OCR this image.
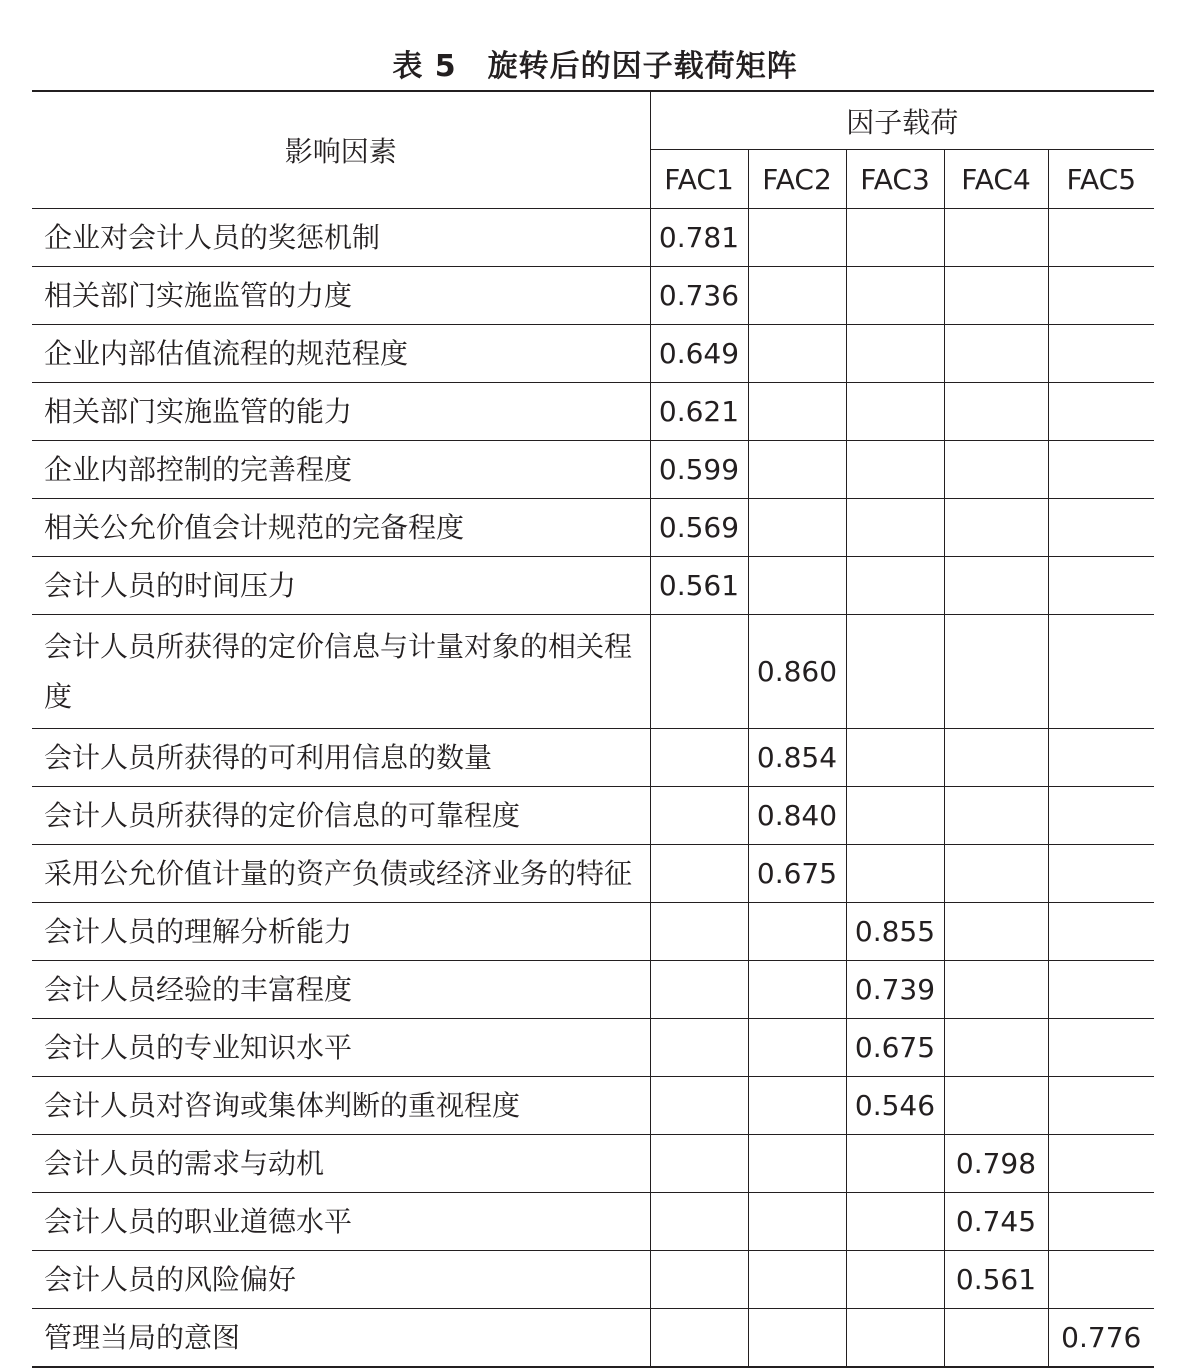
表 5　旋转后的因子载荷矩阵
影响因素	因子载荷				
	FAC1	FAC2	FAC3	FAC4	FAC5
企业对会计人员的奖惩机制	0.781				
相关部门实施监管的力度	0.736				
企业内部估值流程的规范程度	0.649				
相关部门实施监管的能力	0.621				
企业内部控制的完善程度	0.599				
相关公允价值会计规范的完备程度	0.569				
会计人员的时间压力	0.561				
会计人员所获得的定价信息与计量对象的相关程度		0.860			
会计人员所获得的可利用信息的数量		0.854			
会计人员所获得的定价信息的可靠程度		0.840			
采用公允价值计量的资产负债或经济业务的特征		0.675			
会计人员的理解分析能力			0.855		
会计人员经验的丰富程度			0.739		
会计人员的专业知识水平			0.675		
会计人员对咨询或集体判断的重视程度			0.546		
会计人员的需求与动机				0.798	
会计人员的职业道德水平				0.745	
会计人员的风险偏好				0.561	
管理当局的意图					0.776
